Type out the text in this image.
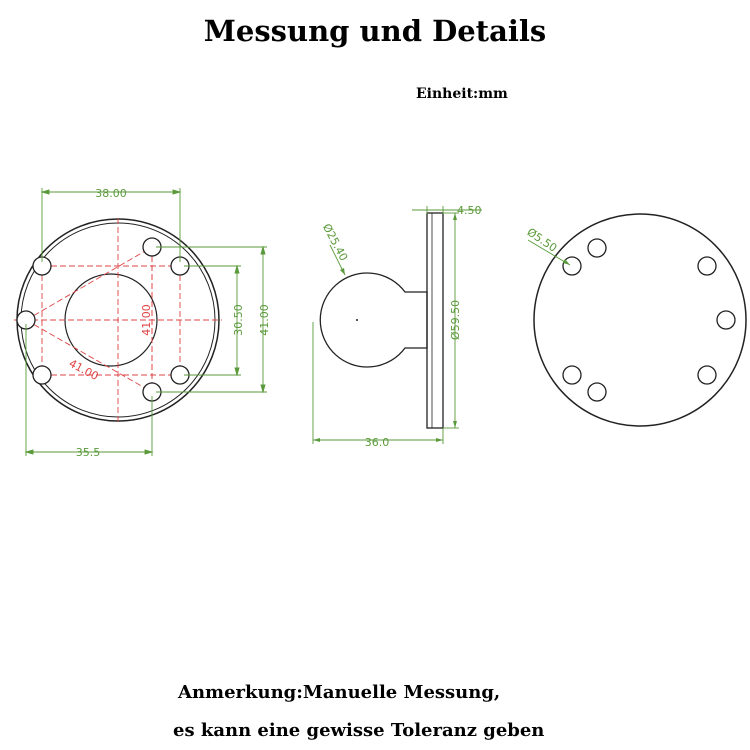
Messung und Details
Einheit:mm
38.00
35.5
30.50 41.00
41.00
41.00
Ø25.40
4.50
Ø59.50
36.0
Ø5.50
Anmerkung:Manuelle Messung,
es kann eine gewisse Toleranz geben
